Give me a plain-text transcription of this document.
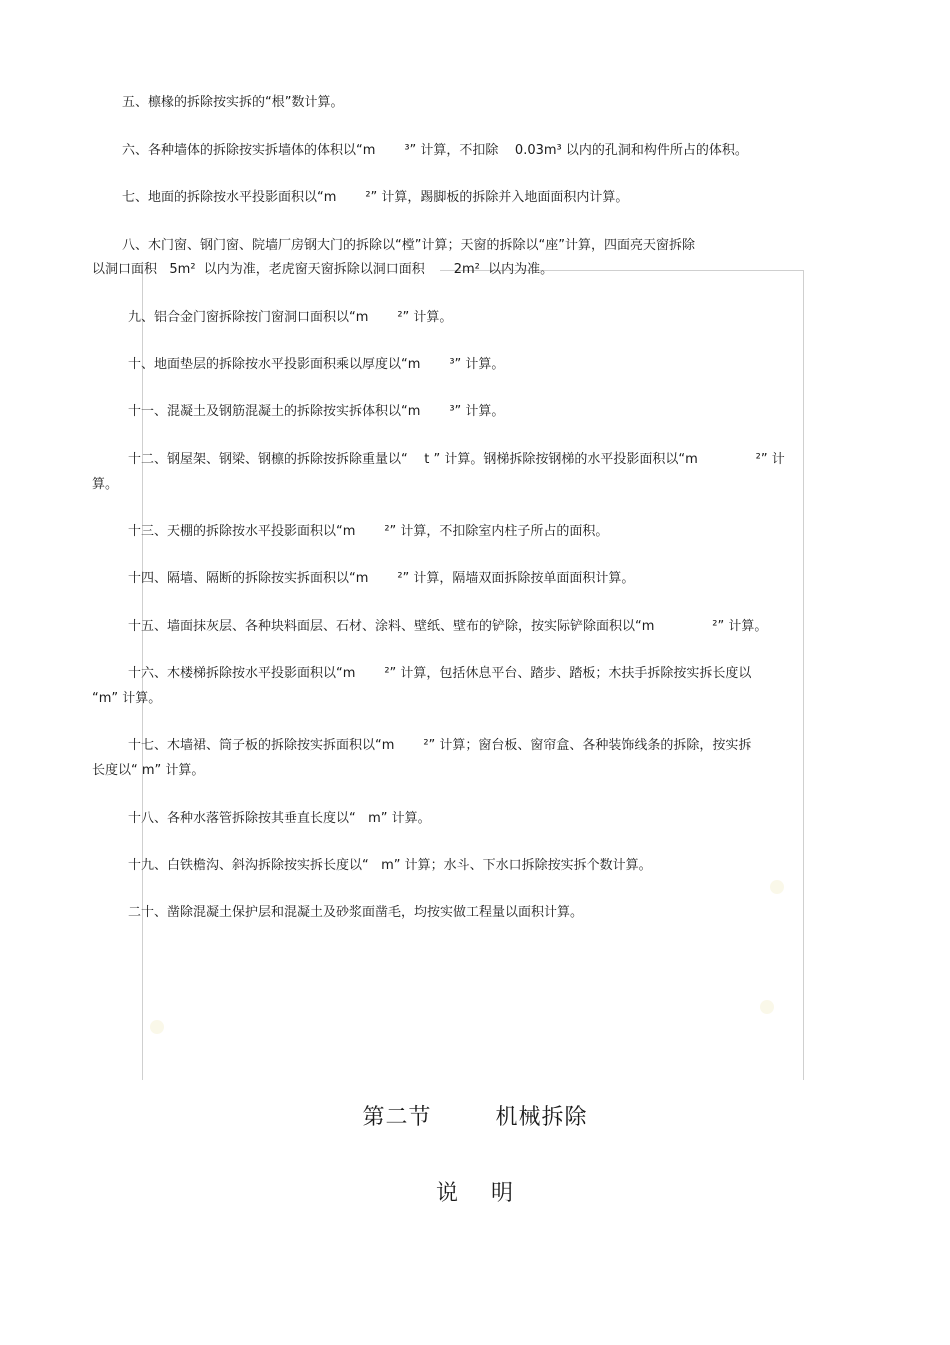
五、檩椽的拆除按实拆的“根”数计算。
六、各种墙体的拆除按实拆墙体的体积以“m       ³” 计算，不扣除    0.03m³ 以内的孔洞和构件所占的体积。
七、地面的拆除按水平投影面积以“m       ²” 计算，踢脚板的拆除并入地面面积内计算。
八、木门窗、钢门窗、院墙厂房钢大门的拆除以“樘”计算；天窗的拆除以“座”计算，四面亮天窗拆除
以洞口面积   5m²  以内为准，老虎窗天窗拆除以洞口面积       2m²  以内为准。
九、铝合金门窗拆除按门窗洞口面积以“m       ²” 计算。
十、地面垫层的拆除按水平投影面积乘以厚度以“m       ³” 计算。
十一、混凝土及钢筋混凝土的拆除按实拆体积以“m       ³” 计算。
十二、钢屋架、钢梁、钢檩的拆除按拆除重量以“    t ” 计算。钢梯拆除按钢梯的水平投影面积以“m              ²” 计
算。
十三、天棚的拆除按水平投影面积以“m       ²” 计算，不扣除室内柱子所占的面积。
十四、隔墙、隔断的拆除按实拆面积以“m       ²” 计算，隔墙双面拆除按单面面积计算。
十五、墙面抹灰层、各种块料面层、石材、涂料、壁纸、壁布的铲除，按实际铲除面积以“m              ²” 计算。
十六、木楼梯拆除按水平投影面积以“m       ²” 计算，包括休息平台、踏步、踏板；木扶手拆除按实拆长度以
“m” 计算。
十七、木墙裙、筒子板的拆除按实拆面积以“m       ²” 计算；窗台板、窗帘盒、各种装饰线条的拆除，按实拆
长度以“ m” 计算。
十八、各种水落管拆除按其垂直长度以“   m” 计算。
十九、白铁檐沟、斜沟拆除按实拆长度以“   m” 计算；水斗、下水口拆除按实拆个数计算。
二十、凿除混凝土保护层和混凝土及砂浆面凿毛，均按实做工程量以面积计算。
第二节        机械拆除
说    明
